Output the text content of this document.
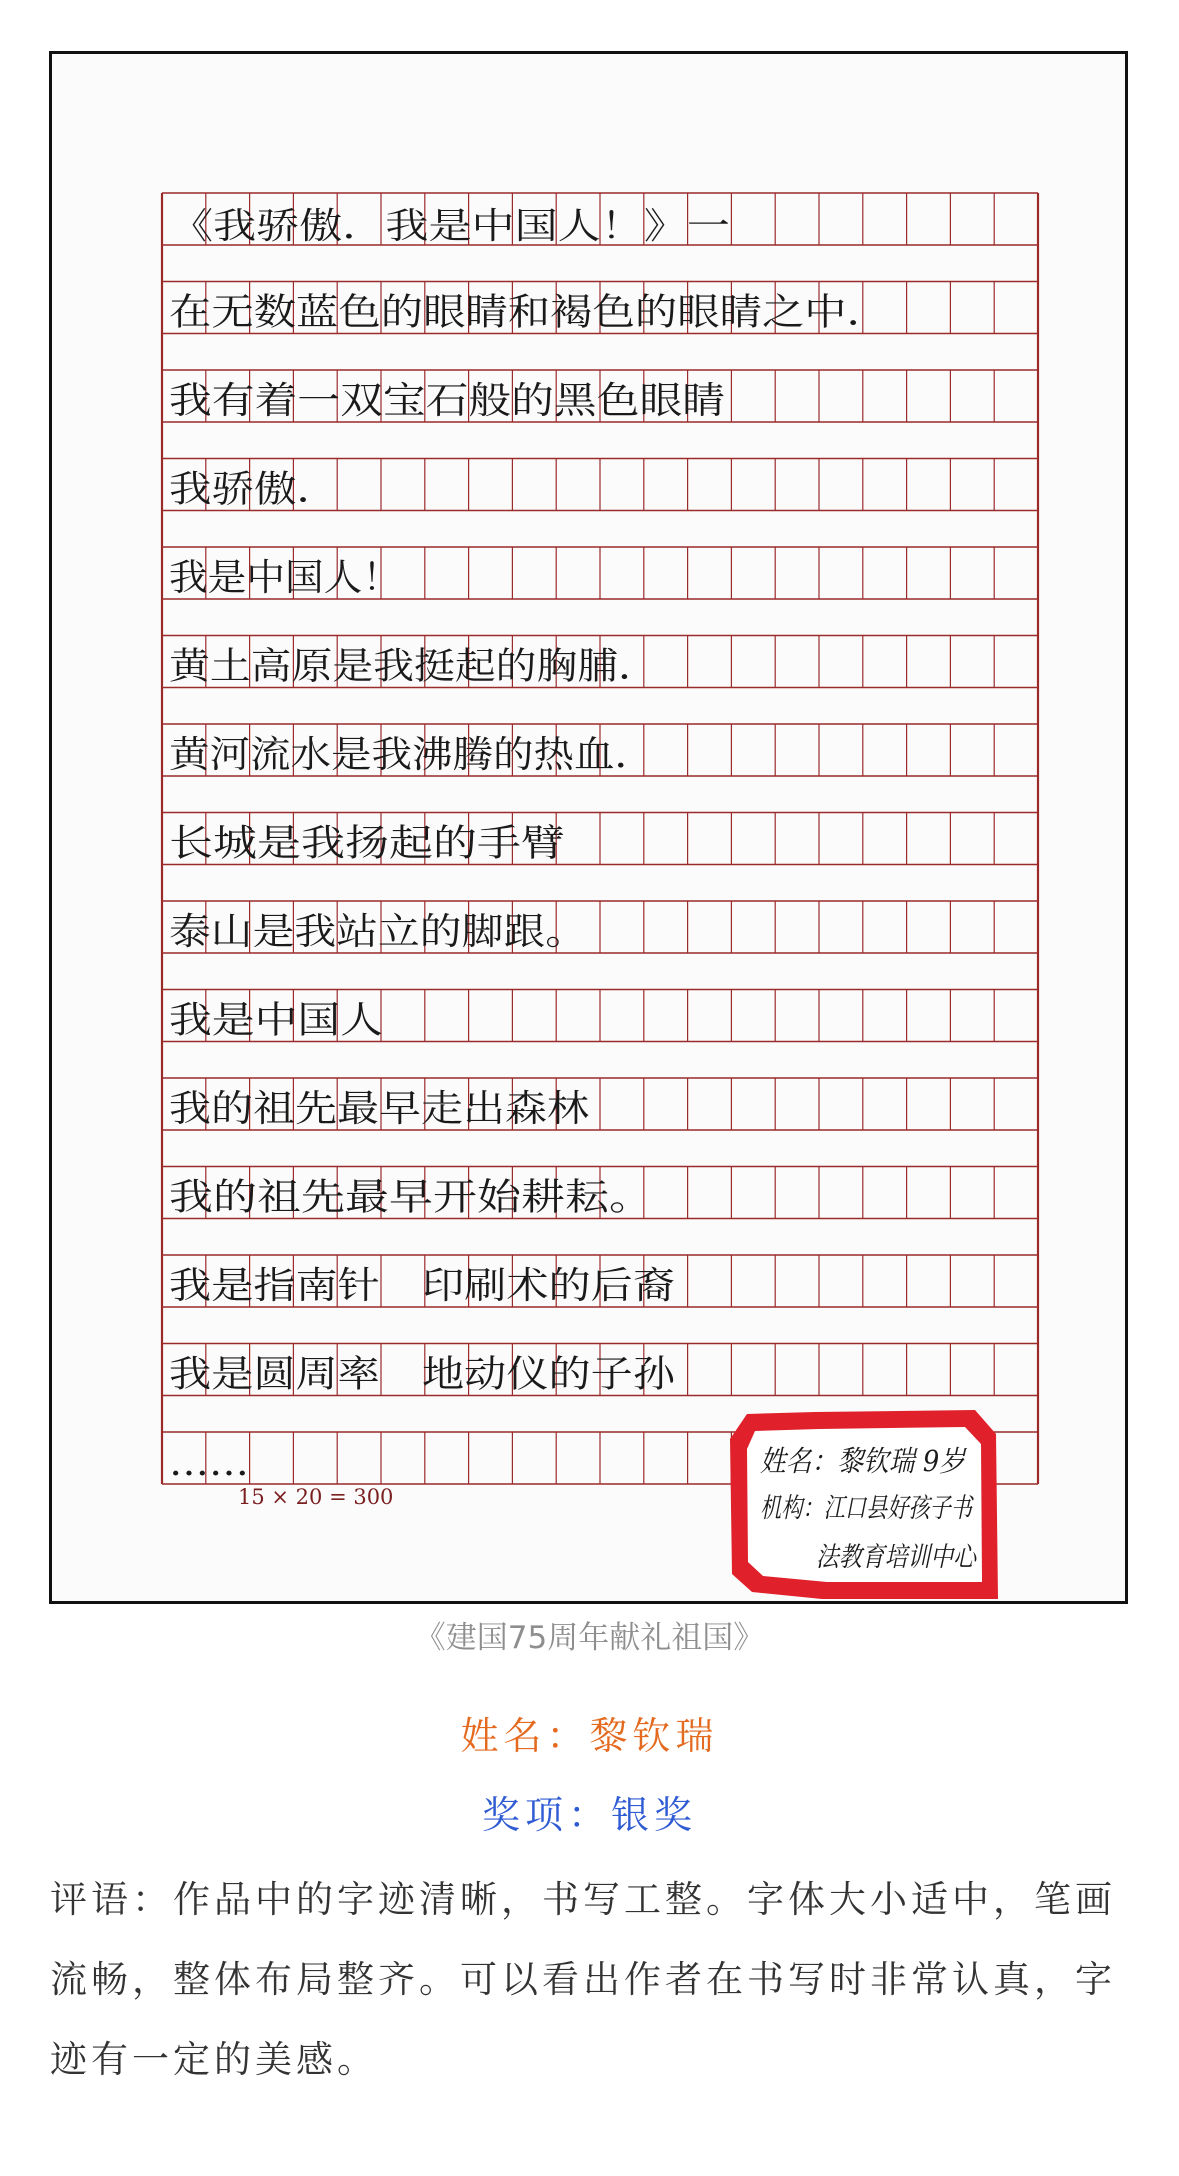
《我骄傲．我是中国人！》一
在无数蓝色的眼睛和褐色的眼睛之中．
我有着一双宝石般的黑色眼睛
我骄傲．
我是中国人！
黄土高原是我挺起的胸脯．
黄河流水是我沸腾的热血．
长城是我扬起的手臂
泰山是我站立的脚跟。
我是中国人
我的祖先最早走出森林
我的祖先最早开始耕耘。
我是指南针　印刷术的后裔
我是圆周率　地动仪的子孙
……
15 × 20 = 300
姓名：黎钦瑞 9岁
机构：江口县好孩子书
法教育培训中心
《建国75周年献礼祖国》
姓名：黎钦瑞
奖项：银奖
评语：作品中的字迹清晰，书写工整。字体大小适中，笔画流畅，整体布局整齐。可以看出作者在书写时非常认真，字迹有一定的美感。
